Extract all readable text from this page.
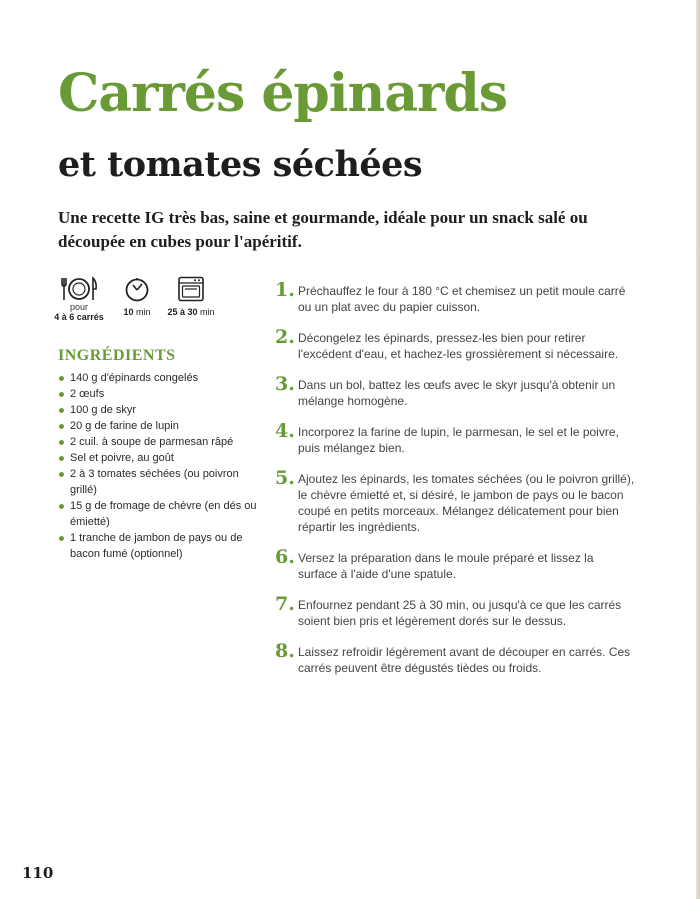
Carrés épinards
et tomates séchées

Une recette IG très bas, saine et gourmande, idéale pour un snack salé ou découpée en cubes pour l'apéritif.

pour
4 à 6 carrés	10 min	25 à 30 min
INGRÉDIENTS
140 g d'épinards congelés
2 œufs
100 g de skyr
20 g de farine de lupin
2 cuil. à soupe de parmesan râpé
Sel et poivre, au goût
2 à 3 tomates séchées (ou poivron grillé)
15 g de fromage de chèvre (en dés ou émietté)
1 tranche de jambon de pays ou de bacon fumé (optionnel)
1. Préchauffez le four à 180 °C et chemisez un petit moule carré ou un plat avec du papier cuisson.

2. Décongelez les épinards, pressez-les bien pour retirer l'excédent d'eau, et hachez-les grossièrement si nécessaire.

3. Dans un bol, battez les œufs avec le skyr jusqu'à obtenir un mélange homogène.

4. Incorporez la farine de lupin, le parmesan, le sel et le poivre, puis mélangez bien.

5. Ajoutez les épinards, les tomates séchées (ou le poivron grillé), le chèvre émietté et, si désiré, le jambon de pays ou le bacon coupé en petits morceaux. Mélangez délicatement pour bien répartir les ingrédients.

6. Versez la préparation dans le moule préparé et lissez la surface à l'aide d'une spatule.

7. Enfournez pendant 25 à 30 min, ou jusqu'à ce que les carrés soient bien pris et légèrement dorés sur le dessus.

8. Laissez refroidir légèrement avant de découper en carrés. Ces carrés peuvent être dégustés tièdes ou froids.

110
